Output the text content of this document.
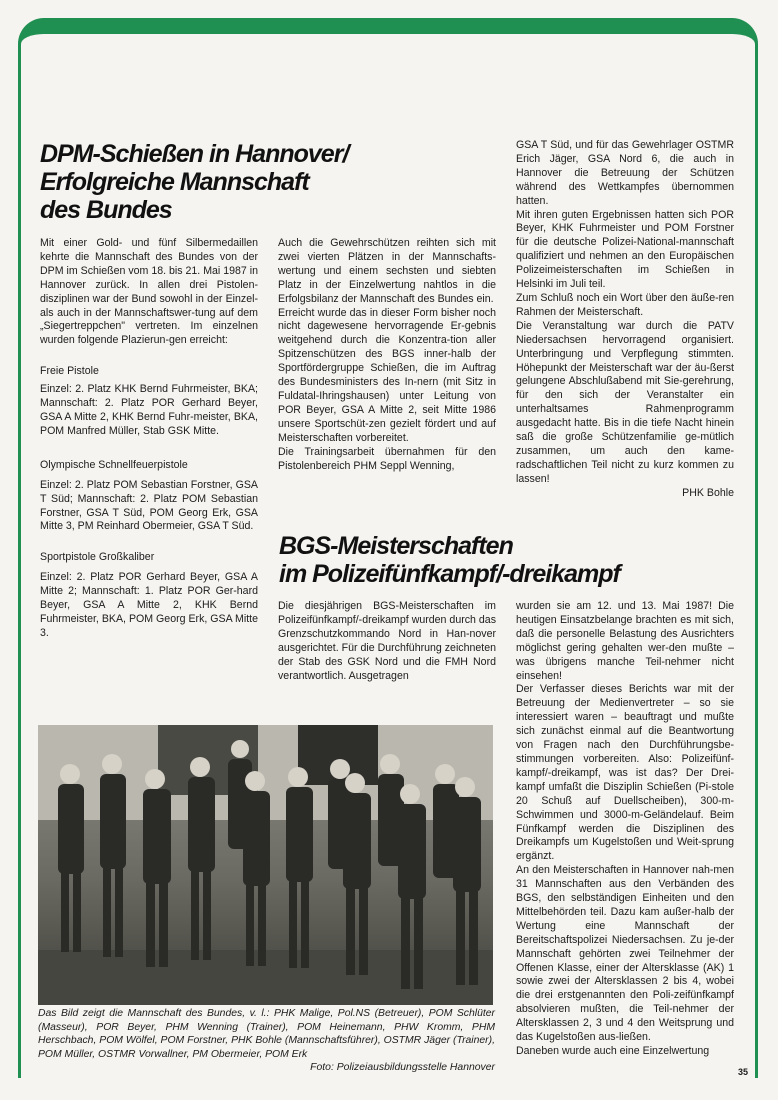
DPM-Schießen in Hannover/
Erfolgreiche Mannschaft
des Bundes

Mit einer Gold- und fünf Silbermedaillen kehrte die Mannschaft des Bundes von der DPM im Schießen vom 18. bis 21. Mai 1987 in Hannover zurück. In allen drei Pistolen-disziplinen war der Bund sowohl in der Einzel- als auch in der Mannschaftswer-tung auf dem „Siegertreppchen" vertreten. Im einzelnen wurden folgende Plazierun-gen erreicht:

Freie Pistole

Einzel: 2. Platz KHK Bernd Fuhrmeister, BKA; Mannschaft: 2. Platz POR Gerhard Beyer, GSA A Mitte 2, KHK Bernd Fuhr-meister, BKA, POM Manfred Müller, Stab GSK Mitte.

Olympische Schnellfeuerpistole

Einzel: 2. Platz POM Sebastian Forstner, GSA T Süd; Mannschaft: 2. Platz POM Sebastian Forstner, GSA T Süd, POM Georg Erk, GSA Mitte 3, PM Reinhard Obermeier, GSA T Süd.

Sportpistole Großkaliber

Einzel: 2. Platz POR Gerhard Beyer, GSA A Mitte 2; Mannschaft: 1. Platz POR Ger-hard Beyer, GSA A Mitte 2, KHK Bernd Fuhrmeister, BKA, POM Georg Erk, GSA Mitte 3.

Auch die Gewehrschützen reihten sich mit zwei vierten Plätzen in der Mannschafts-wertung und einem sechsten und siebten Platz in der Einzelwertung nahtlos in die Erfolgsbilanz der Mannschaft des Bundes ein.

Erreicht wurde das in dieser Form bisher noch nicht dagewesene hervorragende Er-gebnis weitgehend durch die Konzentra-tion aller Spitzenschützen des BGS inner-halb der Sportfördergruppe Schießen, die im Auftrag des Bundesministers des In-nern (mit Sitz in Fuldatal-Ihringshausen) unter Leitung von POR Beyer, GSA A Mitte 2, seit Mitte 1986 unsere Sportschüt-zen gezielt fördert und auf Meisterschaften vorbereitet.

Die Trainingsarbeit übernahmen für den Pistolenbereich PHM Seppl Wenning,

GSA T Süd, und für das Gewehrlager OSTMR Erich Jäger, GSA Nord 6, die auch in Hannover die Betreuung der Schützen während des Wettkampfes übernommen hatten.

Mit ihren guten Ergebnissen hatten sich POR Beyer, KHK Fuhrmeister und POM Forstner für die deutsche Polizei-National-mannschaft qualifiziert und nehmen an den Europäischen Polizeimeisterschaften im Schießen in Helsinki im Juli teil.

Zum Schluß noch ein Wort über den äuße-ren Rahmen der Meisterschaft.

Die Veranstaltung war durch die PATV Niedersachsen hervorragend organisiert. Unterbringung und Verpflegung stimmten. Höhepunkt der Meisterschaft war der äu-ßerst gelungene Abschlußabend mit Sie-gerehrung, für den sich der Veranstalter ein unterhaltsames Rahmenprogramm ausgedacht hatte. Bis in die tiefe Nacht hinein saß die große Schützenfamilie ge-mütlich zusammen, um auch den kame-radschaftlichen Teil nicht zu kurz kommen zu lassen!

PHK Bohle

BGS-Meisterschaften
im Polizeifünfkampf/-dreikampf

Die diesjährigen BGS-Meisterschaften im Polizeifünfkampf/-dreikampf wurden durch das Grenzschutzkommando Nord in Han-nover ausgerichtet. Für die Durchführung zeichneten der Stab des GSK Nord und die FMH Nord verantwortlich. Ausgetragen

wurden sie am 12. und 13. Mai 1987! Die heutigen Einsatzbelange brachten es mit sich, daß die personelle Belastung des Ausrichters möglichst gering gehalten wer-den mußte – was übrigens manche Teil-nehmer nicht einsehen!

Der Verfasser dieses Berichts war mit der Betreuung der Medienvertreter – so sie interessiert waren – beauftragt und mußte sich zunächst einmal auf die Beantwortung von Fragen nach den Durchführungsbe-stimmungen vorbereiten. Also: Polizeifünf-kampf/-dreikampf, was ist das? Der Drei-kampf umfaßt die Disziplin Schießen (Pi-stole 20 Schuß auf Duellscheiben), 300-m-Schwimmen und 3000-m-Geländelauf. Beim Fünfkampf werden die Disziplinen des Dreikampfs um Kugelstoßen und Weit-sprung ergänzt.

An den Meisterschaften in Hannover nah-men 31 Mannschaften aus den Verbänden des BGS, den selbständigen Einheiten und den Mittelbehörden teil. Dazu kam außer-halb der Wertung eine Mannschaft der Bereitschaftspolizei Niedersachsen. Zu je-der Mannschaft gehörten zwei Teilnehmer der Offenen Klasse, einer der Altersklasse (AK) 1 sowie zwei der Altersklassen 2 bis 4, wobei die drei erstgenannten den Poli-zeifünfkampf absolvieren mußten, die Teil-nehmer der Altersklassen 2, 3 und 4 den Weitsprung und das Kugelstoßen aus-ließen.

Daneben wurde auch eine Einzelwertung

Das Bild zeigt die Mannschaft des Bundes, v. l.: PHK Malige, Pol.NS (Betreuer), POM Schlüter (Masseur), POR Beyer, PHM Wenning (Trainer), POM Heinemann, PHW Kromm, PHM Herschbach, POM Wölfel, POM Forstner, PHK Bohle (Mannschaftsführer), OSTMR Jäger (Trainer), POM Müller, OSTMR Vorwallner, PM Obermeier, POM Erk
Foto: Polizeiausbildungsstelle Hannover	35
